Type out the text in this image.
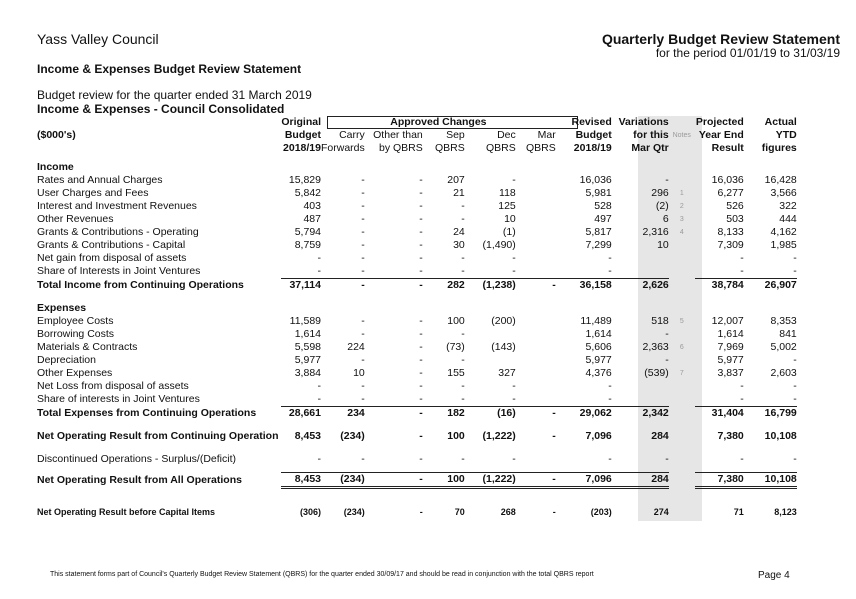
Yass Valley Council	Quarterly Budget Review Statement
for the period 01/01/19 to 31/03/19
Income & Expenses Budget Review Statement
Budget review for the quarter ended 31 March 2019
Income & Expenses - Council Consolidated
	Original	Approved Changes					Revised	Variations		Projected	Actual
($000's)	Budget	Carry	Other than	Sep	Dec	Mar	Budget	for this	Notes	Year End	YTD
	2018/19	Forwards	by QBRS	QBRS	QBRS	QBRS	2018/19	Mar Qtr		Result	figures

Income											
Rates and Annual Charges	15,829	-	-	207	-		16,036	-		16,036	16,428
User Charges and Fees	5,842	-	-	21	118		5,981	296	1	6,277	3,566
Interest and Investment Revenues	403	-	-	-	125		528	(2)	2	526	322
Other Revenues	487	-	-	-	10		497	6	3	503	444
Grants & Contributions - Operating	5,794	-	-	24	(1)		5,817	2,316	4	8,133	4,162
Grants & Contributions - Capital	8,759	-	-	30	(1,490)		7,299	10		7,309	1,985
Net gain from disposal of assets	-	-	-	-	-		-			-	-
Share of Interests in Joint Ventures	-	-	-	-	-		-			-	-
Total Income from Continuing Operations	37,114	-	-	282	(1,238)	-	36,158	2,626		38,784	26,907

Expenses											
Employee Costs	11,589	-	-	100	(200)		11,489	518	5	12,007	8,353
Borrowing Costs	1,614	-	-	-			1,614	-		1,614	841
Materials & Contracts	5,598	224	-	(73)	(143)		5,606	2,363	6	7,969	5,002
Depreciation	5,977	-	-	-			5,977	-		5,977	-
Other Expenses	3,884	10	-	155	327		4,376	(539)	7	3,837	2,603
Net Loss from disposal of assets	-	-	-	-	-		-			-	-
Share of interests in Joint Ventures	-	-	-	-	-		-			-	-
Total Expenses from Continuing Operations	28,661	234	-	182	(16)	-	29,062	2,342		31,404	16,799

Net Operating Result from Continuing Operation	8,453	(234)	-	100	(1,222)	-	7,096	284		7,380	10,108

Discontinued Operations - Surplus/(Deficit)	-	-	-	-	-		-	-		-	-

Net Operating Result from All Operations	8,453	(234)	-	100	(1,222)	-	7,096	284		7,380	10,108

Net Operating Result before Capital Items	(306)	(234)	-	70	268	-	(203)	274		71	8,123
This statement forms part of Council's Quarterly Budget Review Statement (QBRS) for the quarter ended 30/09/17 and should be read in conjunction with the total QBRS report	Page 4
